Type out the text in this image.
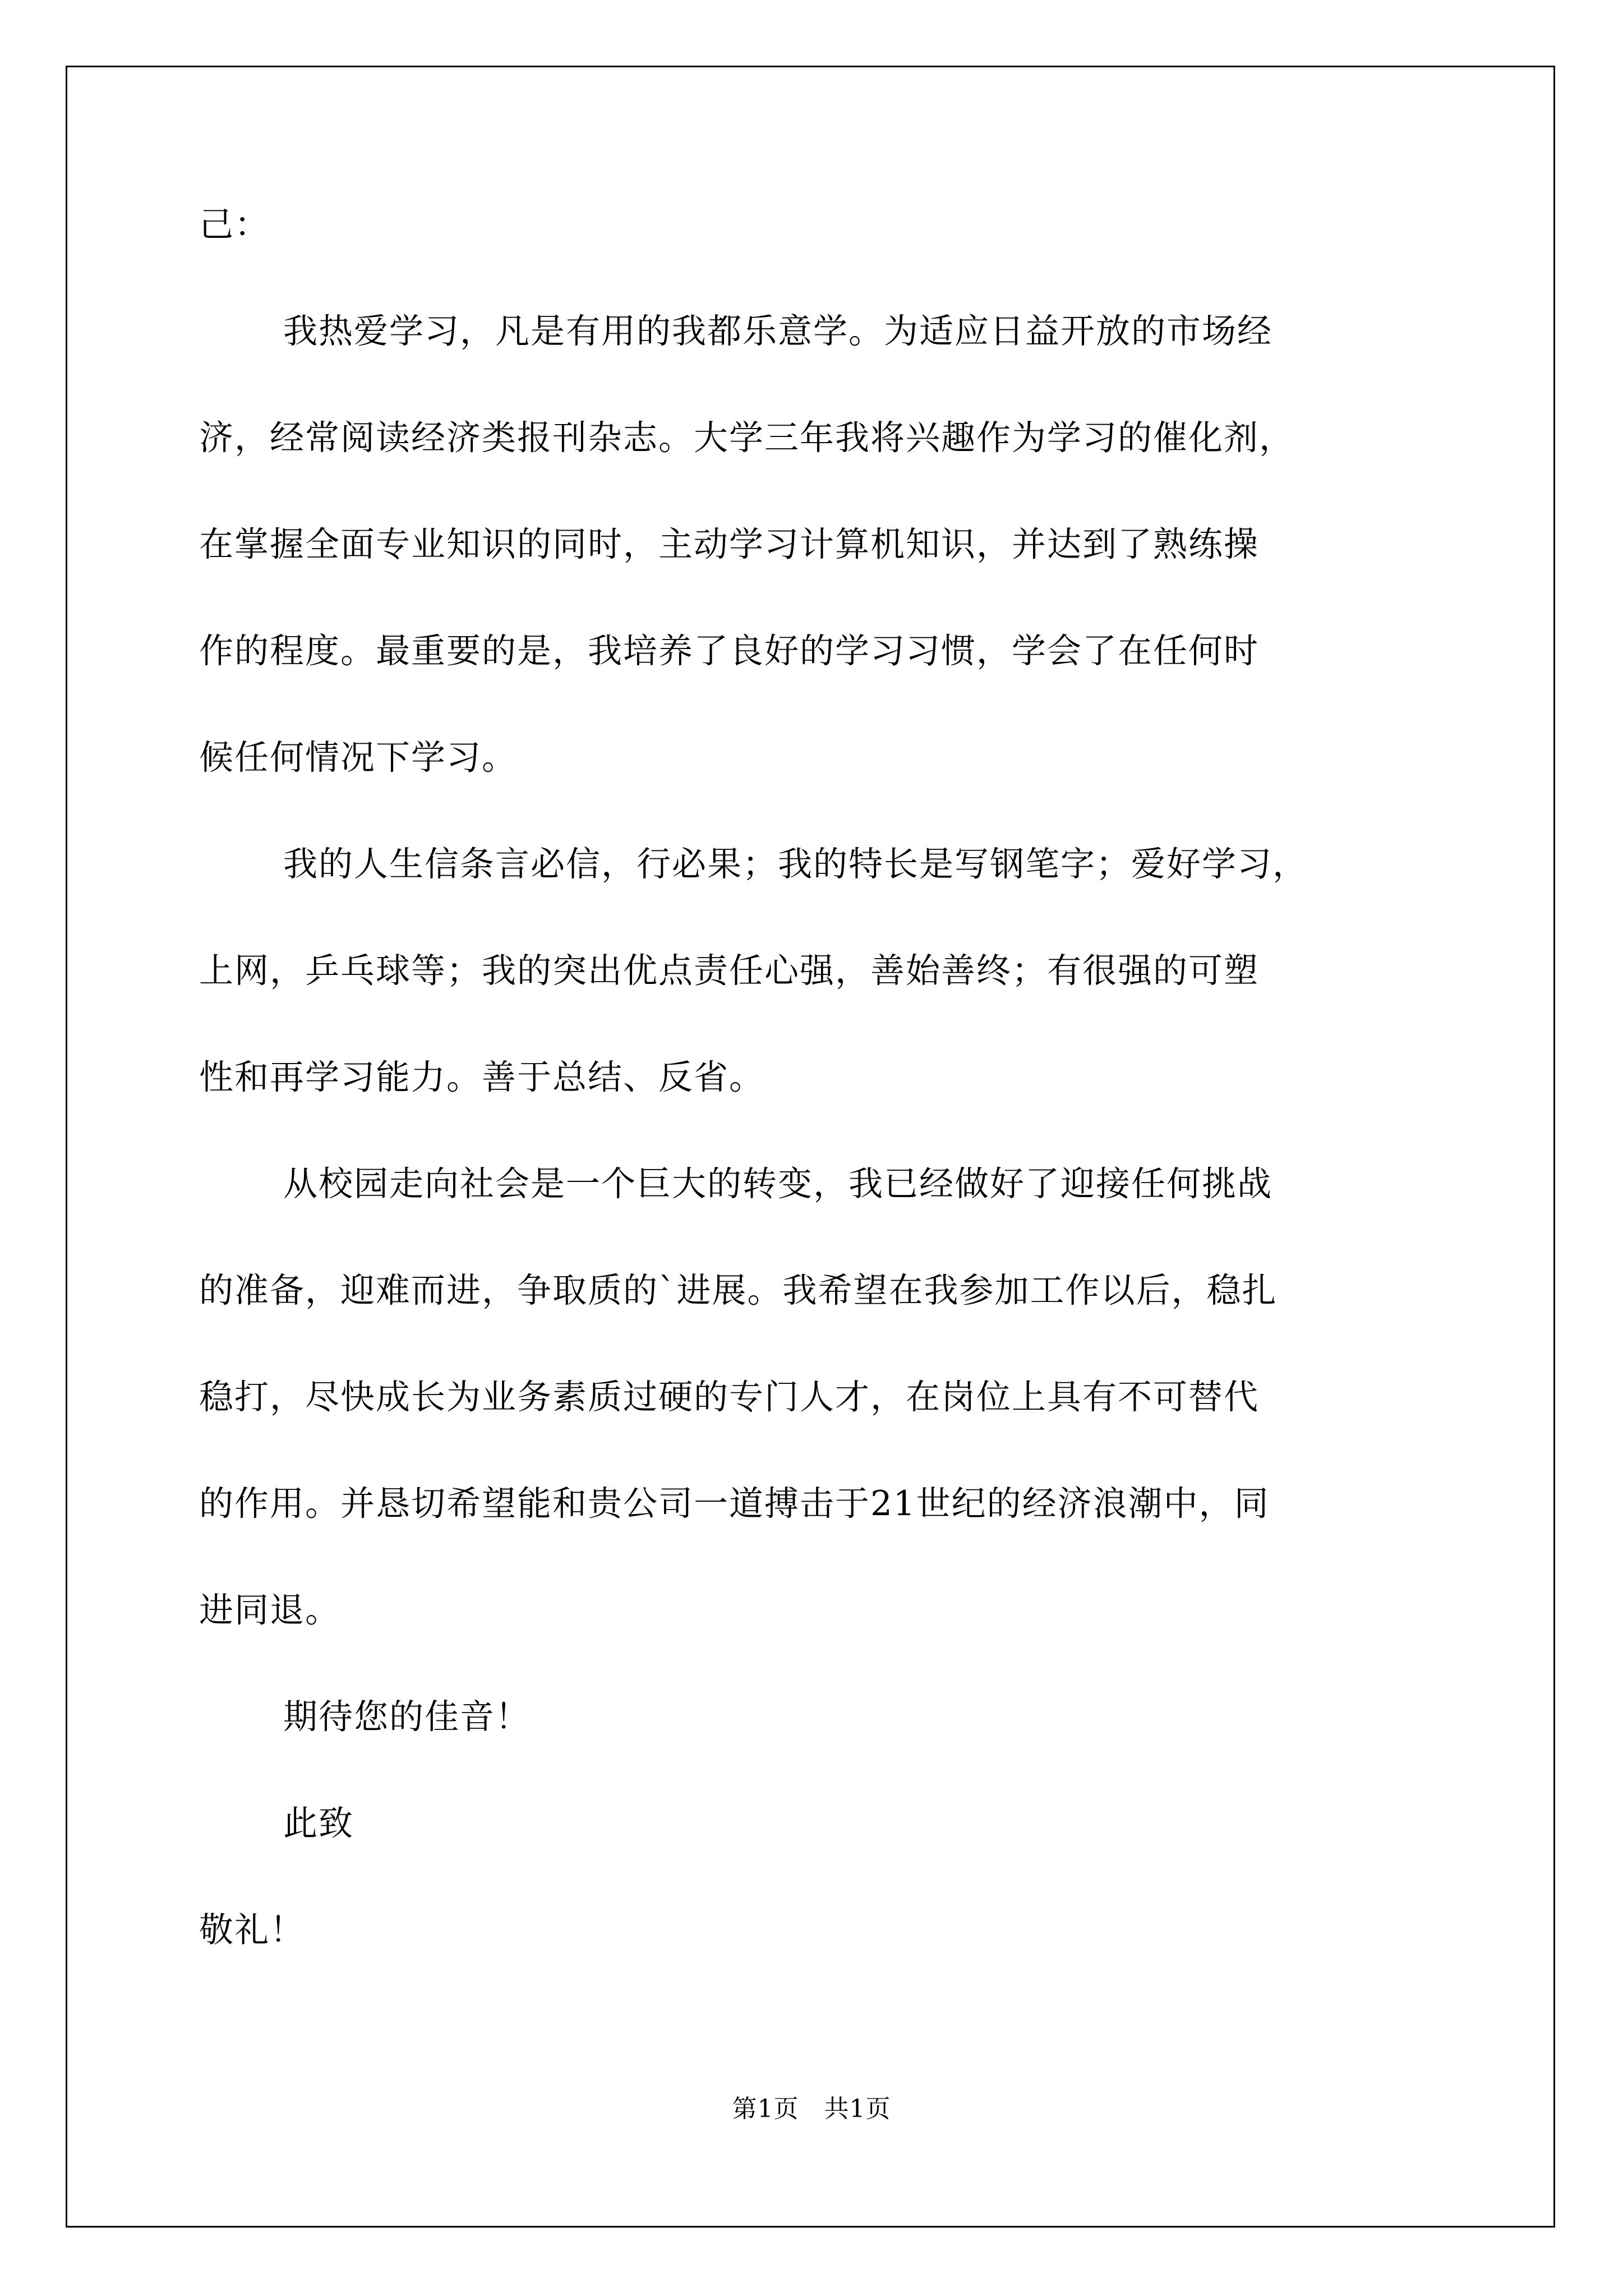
己：
我热爱学习，凡是有用的我都乐意学。为适应日益开放的市场经
济，经常阅读经济类报刊杂志。大学三年我将兴趣作为学习的催化剂，
在掌握全面专业知识的同时，主动学习计算机知识，并达到了熟练操
作的程度。最重要的是，我培养了良好的学习习惯，学会了在任何时
候任何情况下学习。
我的人生信条言必信，行必果；我的特长是写钢笔字；爱好学习，
上网，乒乓球等；我的突出优点责任心强，善始善终；有很强的可塑
性和再学习能力。善于总结、反省。
从校园走向社会是一个巨大的转变，我已经做好了迎接任何挑战
的准备，迎难而进，争取质的`进展。我希望在我参加工作以后，稳扎
稳打，尽快成长为业务素质过硬的专门人才，在岗位上具有不可替代
的作用。并恳切希望能和贵公司一道搏击于21世纪的经济浪潮中，同
进同退。
期待您的佳音！
此致
敬礼！
第1页　共1页
